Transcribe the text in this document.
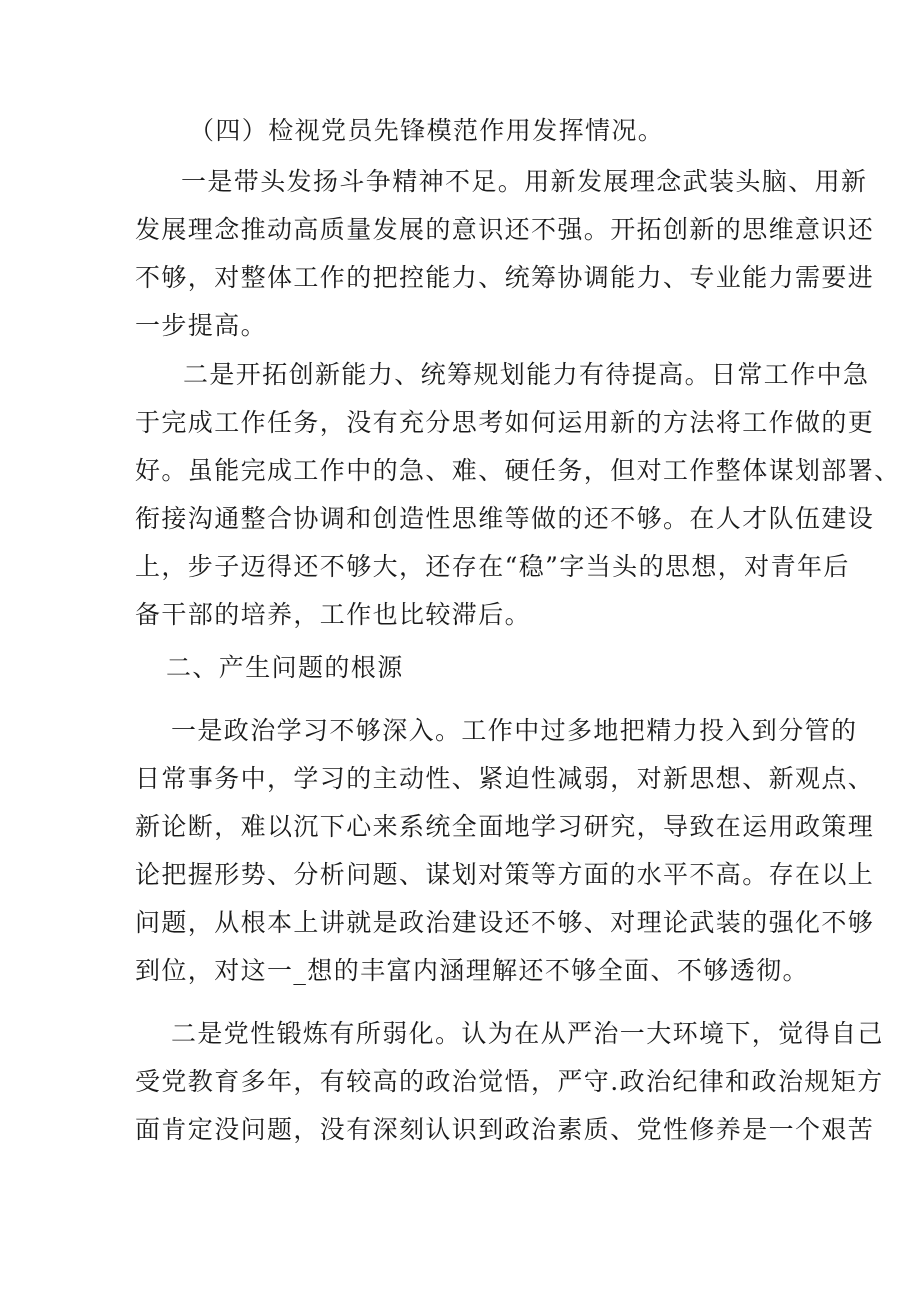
（四）检视党员先锋模范作用发挥情况。
一是带头发扬斗争精神不足。用新发展理念武装头脑、用新
发展理念推动高质量发展的意识还不强。开拓创新的思维意识还
不够，对整体工作的把控能力、统筹协调能力、专业能力需要进
一步提高。
二是开拓创新能力、统筹规划能力有待提高。日常工作中急
于完成工作任务，没有充分思考如何运用新的方法将工作做的更
好。虽能完成工作中的急、难、硬任务，但对工作整体谋划部署、
衔接沟通整合协调和创造性思维等做的还不够。在人才队伍建设
上，步子迈得还不够大，还存在“稳”字当头的思想，对青年后
备干部的培养，工作也比较滞后。
二、产生问题的根源
一是政治学习不够深入。工作中过多地把精力投入到分管的
日常事务中，学习的主动性、紧迫性减弱，对新思想、新观点、
新论断，难以沉下心来系统全面地学习研究，导致在运用政策理
论把握形势、分析问题、谋划对策等方面的水平不高。存在以上
问题，从根本上讲就是政治建设还不够、对理论武装的强化不够
到位，对这一_想的丰富内涵理解还不够全面、不够透彻。
二是党性锻炼有所弱化。认为在从严治一大环境下，觉得自己
受党教育多年，有较高的政治觉悟，严守.政治纪律和政治规矩方
面肯定没问题，没有深刻认识到政治素质、党性修养是一个艰苦
